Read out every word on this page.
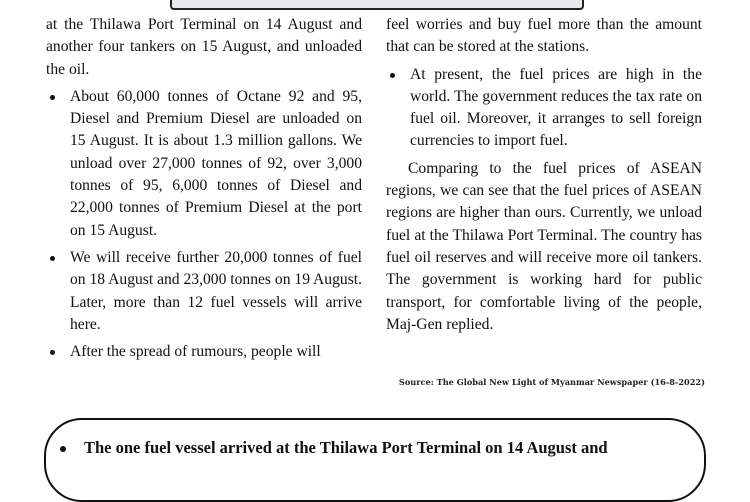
at the Thilawa Port Terminal on 14 August and another four tankers on 15 August, and unloaded the oil.

About 60,000 tonnes of Octane 92 and 95, Diesel and Premium Diesel are unloaded on 15 August. It is about 1.3 million gallons. We unload over 27,000 tonnes of 92, over 3,000 tonnes of 95, 6,000 tonnes of Diesel and 22,000 tonnes of Premium Diesel at the port on 15 August.
We will receive further 20,000 tonnes of fuel on 18 August and 23,000 tonnes on 19 August. Later, more than 12 fuel vessels will arrive here.
After the spread of rumours, people will

feel worries and buy fuel more than the amount that can be stored at the stations.

At present, the fuel prices are high in the world. The government reduces the tax rate on fuel oil. Moreover, it arranges to sell foreign currencies to import fuel.

Comparing to the fuel prices of ASEAN regions, we can see that the fuel prices of ASEAN regions are higher than ours. Currently, we unload fuel at the Thilawa Port Terminal. The country has fuel oil reserves and will receive more oil tankers. The government is working hard for public transport, for comfortable living of the people, Maj-Gen replied.

Source: The Global New Light of Myanmar Newspaper (16-8-2022)
The one fuel vessel arrived at the Thilawa Port Terminal on 14 August and
